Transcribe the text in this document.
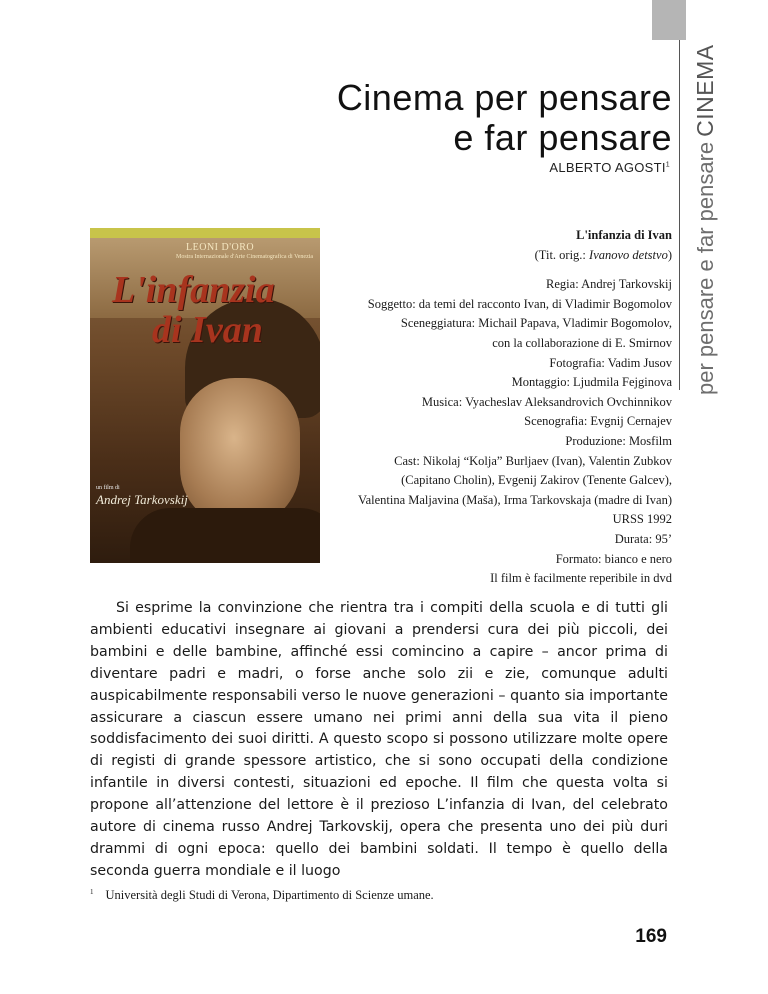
per pensare e far pensare
CINEMA
Cinema per pensare
e far pensare
ALBERTO AGOSTI$^1$
LEONI D'ORO
Mostra Internazionale d'Arte Cinematografica di Venezia
L'infanzia
di Ivan
un film di
Andrej Tarkovskij
L'infanzia di Ivan
(Tit. orig.: Ivanovo detstvo)
Regia: Andrej Tarkovskij
Soggetto: da temi del racconto Ivan, di Vladimir Bogomolov
Sceneggiatura: Michail Papava, Vladimir Bogomolov,
con la collaborazione di E. Smirnov
Fotografia: Vadim Jusov
Montaggio: Ljudmila Fejginova
Musica: Vyacheslav Aleksandrovich Ovchinnikov
Scenografia: Evgnij Cernajev
Produzione: Mosfilm
Cast: Nikolaj “Kolja” Burljaev (Ivan), Valentin Zubkov
(Capitano Cholin), Evgenij Zakirov (Tenente Galcev),
Valentina Maljavina (Maša), Irma Tarkovskaja (madre di Ivan)
URSS 1992
Durata: 95’
Formato: bianco e nero
Il film è facilmente reperibile in dvd

Si esprime la convinzione che rientra tra i compiti della scuola e di tutti gli ambienti educativi insegnare ai giovani a prendersi cura dei più piccoli, dei bambini e delle bambine, affinché essi comincino a capire – ancor prima di diventare padri e madri, o forse anche solo zii e zie, comunque adulti auspicabilmente responsabili verso le nuove generazioni – quanto sia importante assicurare a ciascun essere umano nei primi anni della sua vita il pieno soddisfacimento dei suoi diritti. A questo scopo si possono utilizzare molte opere di registi di grande spessore artistico, che si sono occupati della condizione infantile in diversi contesti, situazioni ed epoche. Il film che questa volta si propone all’attenzione del lettore è il prezioso L’infanzia di Ivan, del celebrato autore di cinema russo Andrej Tarkovskij, opera che presenta uno dei più duri drammi di ogni epoca: quello dei bambini soldati. Il tempo è quello della seconda guerra mondiale e il luogo

$^1$ Università degli Studi di Verona, Dipartimento di Scienze umane.
169
